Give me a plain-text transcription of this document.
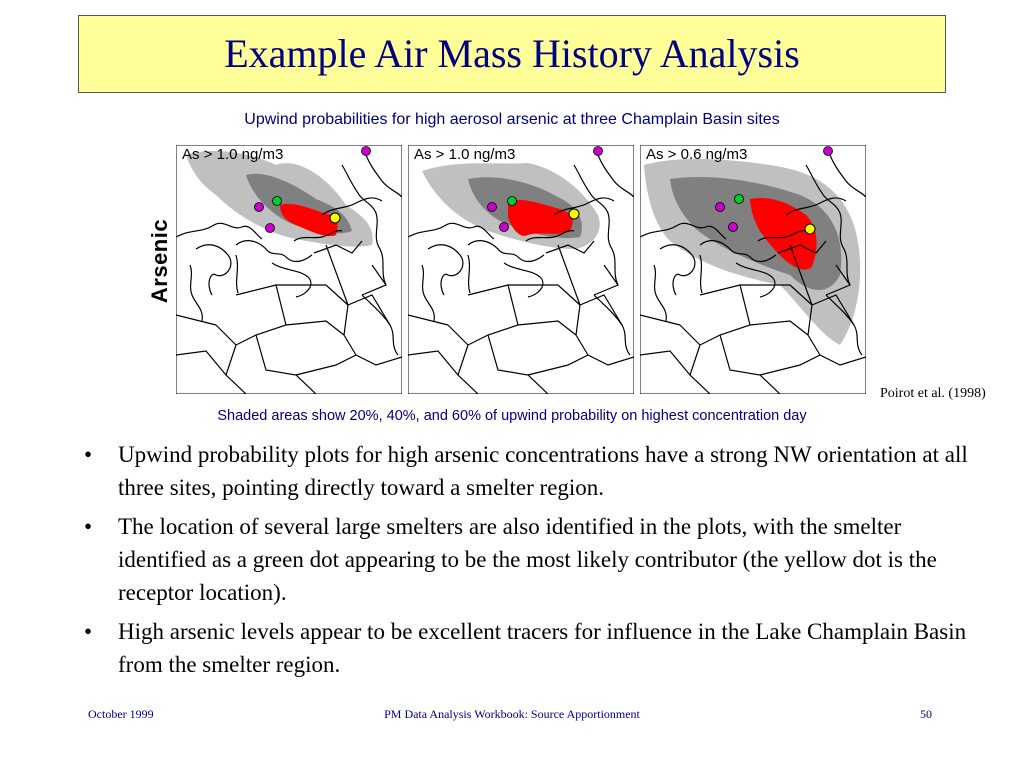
Example Air Mass History Analysis
Upwind probabilities for high aerosol arsenic at three Champlain Basin sites
Arsenic
As > 1.0 ng/m3	As > 1.0 ng/m3	As > 0.6 ng/m3
Poirot et al. (1998)
Shaded areas show 20%, 40%, and 60% of upwind probability on highest concentration day
• Upwind probability plots for high arsenic concentrations have a strong NW orientation at all three sites, pointing directly toward a smelter region.
• The location of several large smelters are also identified in the plots, with the smelter identified as a green dot appearing to be the most likely contributor (the yellow dot is the receptor location).
• High arsenic levels appear to be excellent tracers for influence in the Lake Champlain Basin from the smelter region.
October 1999	PM Data Analysis Workbook: Source Apportionment	50
